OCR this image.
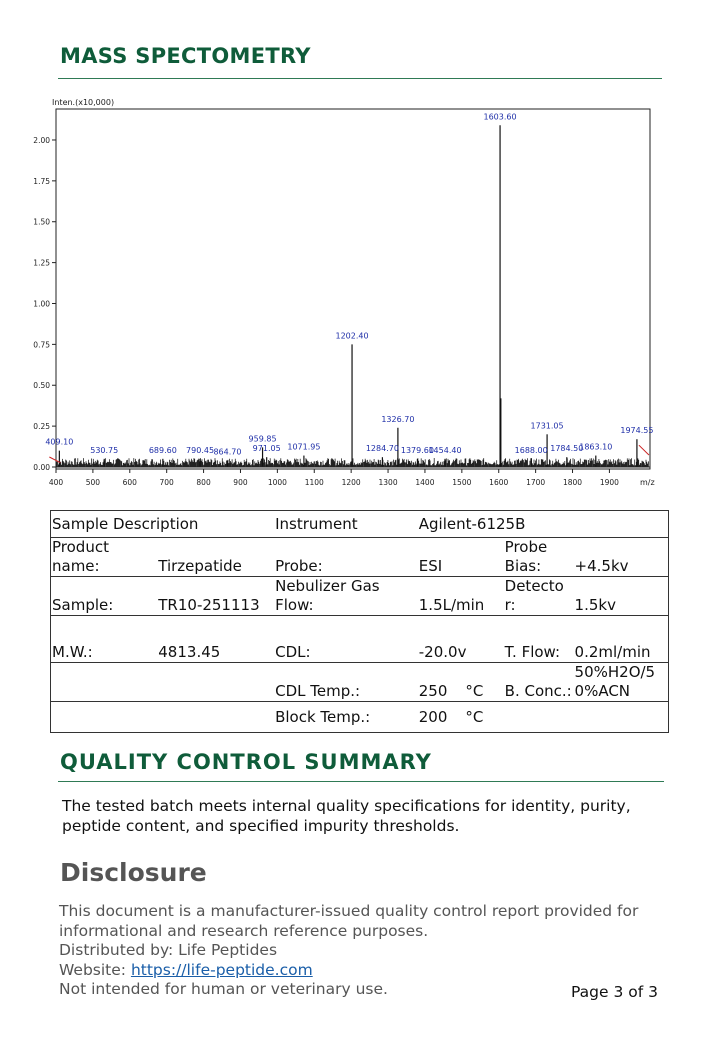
MASS SPECTOMETRY
Inten.(x10,000)
0.00
0.25
0.50
0.75
1.00
1.25
1.50
1.75
2.00
400	500	600	700	800	900	1000 1100 1200 1300 1400 1500 1600 1700 1800 1900
409.10
530.75	689.60 790.45 864.70
959.85
971.05 1071.95
1202.40
1284.70
1326.70
1379.60
1454.40
1603.60
1688.00
1731.05
1784.50
1863.10
1974.55
m/z
Sample Description		Instrument	Agilent-6125B		
Product name:	Tirzepatide	Probe:	ESI	Probe Bias:	+4.5kv
Sample:	TR10-251113	Nebulizer Gas Flow:	1.5L/min	Detector:	1.5kv
M.W.:	4813.45	CDL:	-20.0v	T. Flow:	0.2ml/min
		CDL Temp.:	250 °C	B. Conc.:	50%H2O/50%ACN
		Block Temp.:	200 °C		
QUALITY CONTROL SUMMARY
The tested batch meets internal quality specifications for identity, purity, peptide content, and specified impurity thresholds.
Disclosure
This document is a manufacturer-issued quality control report provided for informational and research reference purposes.
Distributed by: Life Peptides
Website: https://life-peptide.com
Not intended for human or veterinary use.	Page 3 of 3
